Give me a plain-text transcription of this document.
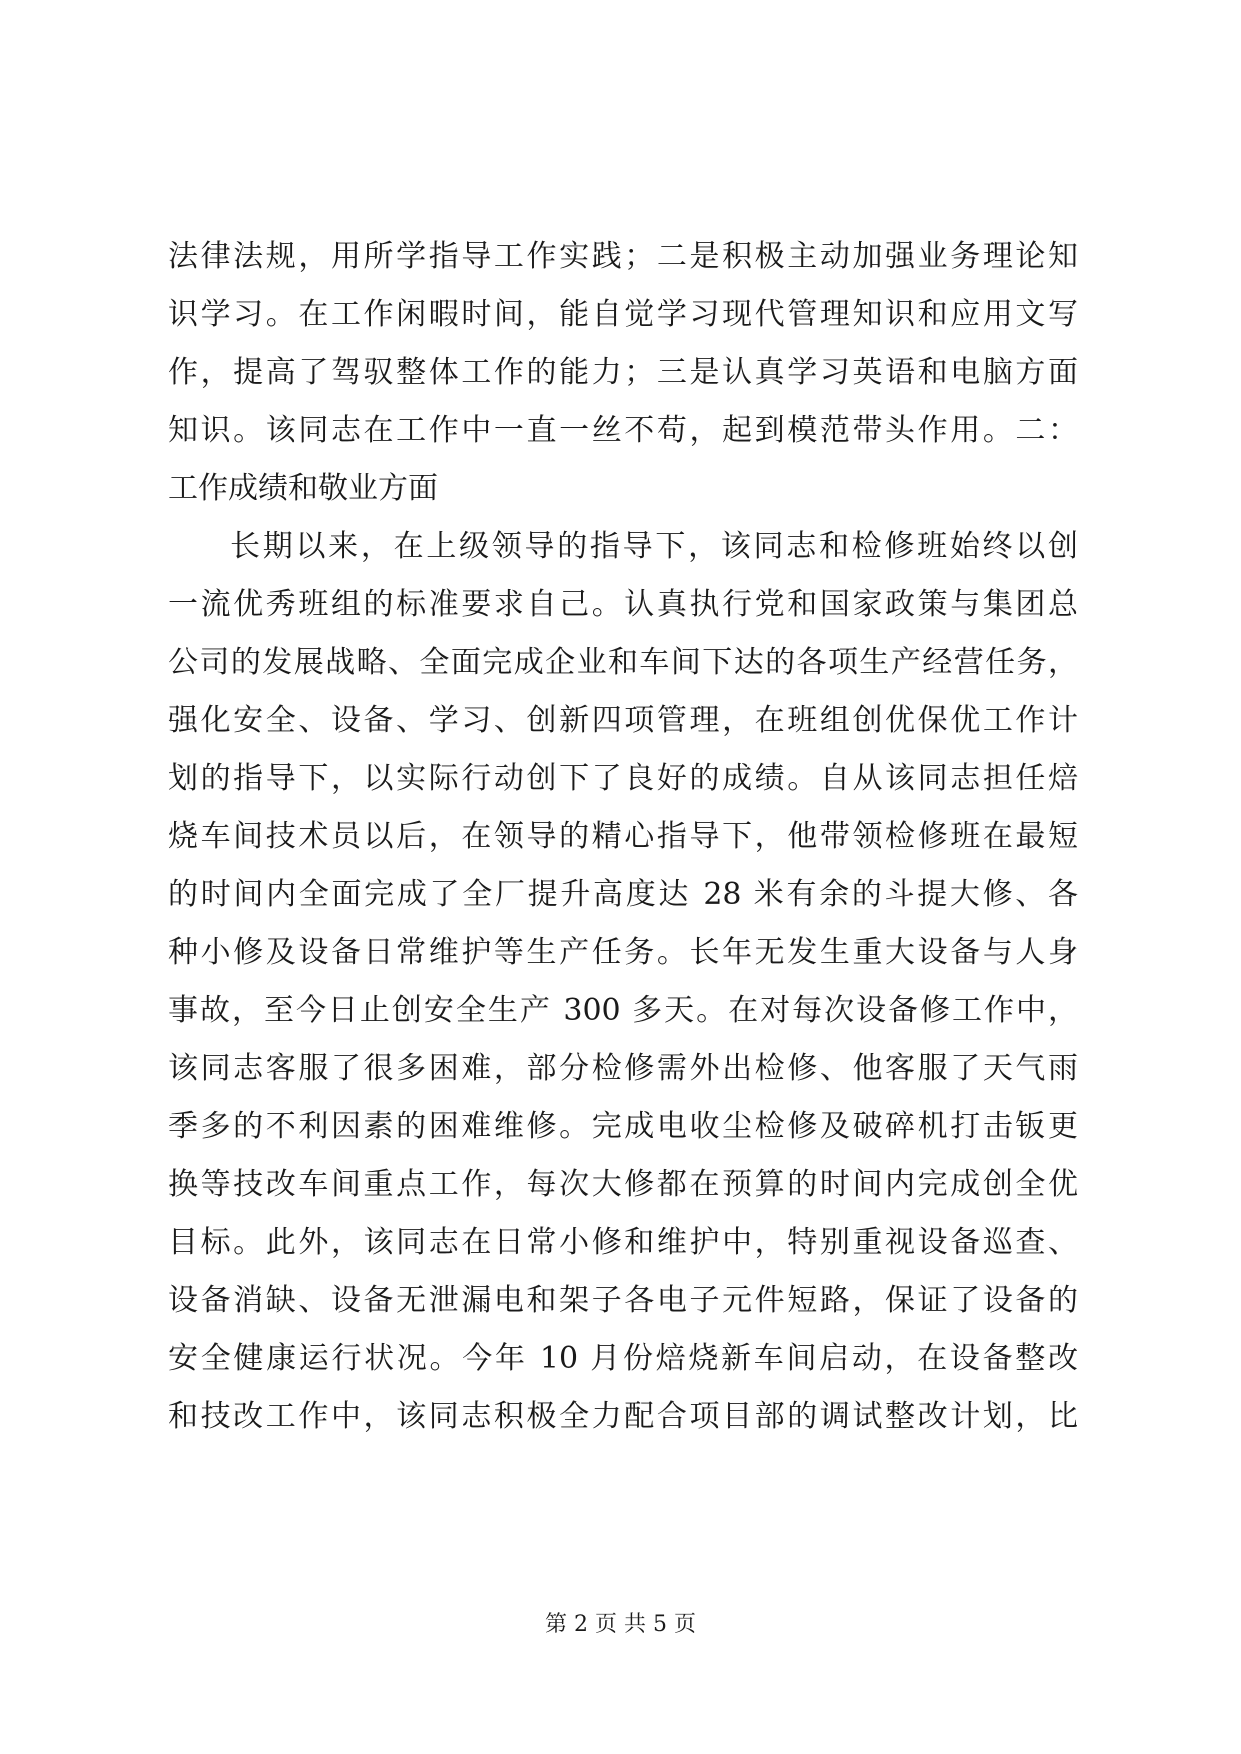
法律法规，用所学指导工作实践；二是积极主动加强业务理论知
识学习。在工作闲暇时间，能自觉学习现代管理知识和应用文写
作，提高了驾驭整体工作的能力；三是认真学习英语和电脑方面
知识。该同志在工作中一直一丝不苟，起到模范带头作用。二：
工作成绩和敬业方面
长期以来，在上级领导的指导下，该同志和检修班始终以创
一流优秀班组的标准要求自己。认真执行党和国家政策与集团总
公司的发展战略、全面完成企业和车间下达的各项生产经营任务，
强化安全、设备、学习、创新四项管理，在班组创优保优工作计
划的指导下，以实际行动创下了良好的成绩。自从该同志担任焙
烧车间技术员以后，在领导的精心指导下，他带领检修班在最短
的时间内全面完成了全厂提升高度达 28 米有余的斗提大修、各
种小修及设备日常维护等生产任务。长年无发生重大设备与人身
事故，至今日止创安全生产 300 多天。在对每次设备修工作中，
该同志客服了很多困难，部分检修需外出检修、他客服了天气雨
季多的不利因素的困难维修。完成电收尘检修及破碎机打击钣更
换等技改车间重点工作，每次大修都在预算的时间内完成创全优
目标。此外，该同志在日常小修和维护中，特别重视设备巡查、
设备消缺、设备无泄漏电和架子各电子元件短路，保证了设备的
安全健康运行状况。今年 10 月份焙烧新车间启动，在设备整改
和技改工作中，该同志积极全力配合项目部的调试整改计划，比
第 2 页 共 5 页
